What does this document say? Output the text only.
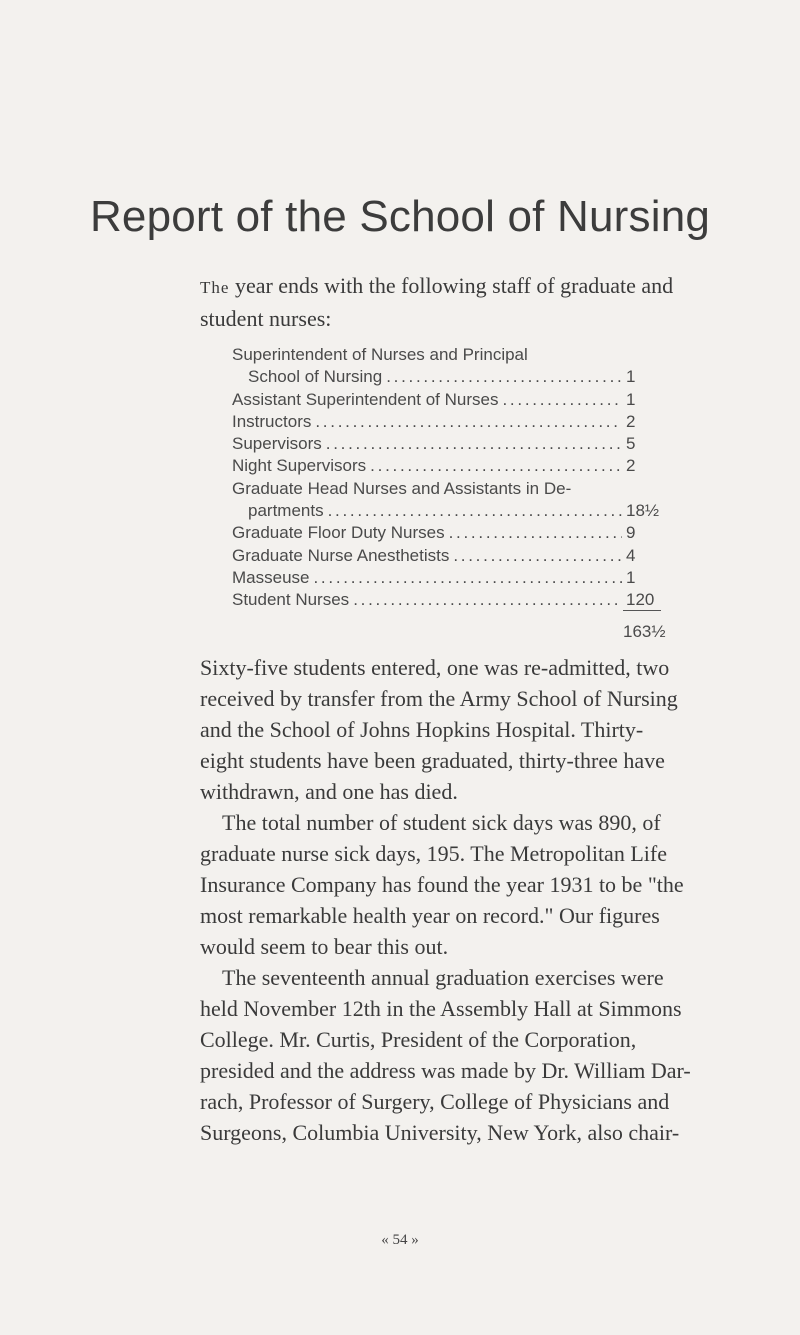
Report of the School of Nursing
The year ends with the following staff of graduate and
student nurses:
Superintendent of Nurses and Principal
School of Nursing . . .	1
Assistant Superintendent of Nurses . . .	1
Instructors . . .	2
Supervisors . . .	5
Night Supervisors . . .	2
Graduate Head Nurses and Assistants in De-
partments . . .	18½
Graduate Floor Duty Nurses . . .	9
Graduate Nurse Anesthetists . . .	4
Masseuse . . .	1
Student Nurses . . .	120
163½

Sixty-five students entered, one was re-admitted, two
received by transfer from the Army School of Nursing
and the School of Johns Hopkins Hospital. Thirty-
eight students have been graduated, thirty-three have
withdrawn, and one has died.

The total number of student sick days was 890, of
graduate nurse sick days, 195. The Metropolitan Life
Insurance Company has found the year 1931 to be "the
most remarkable health year on record." Our figures
would seem to bear this out.

The seventeenth annual graduation exercises were
held November 12th in the Assembly Hall at Simmons
College. Mr. Curtis, President of the Corporation,
presided and the address was made by Dr. William Dar-
rach, Professor of Surgery, College of Physicians and
Surgeons, Columbia University, New York, also chair-

« 54 »
